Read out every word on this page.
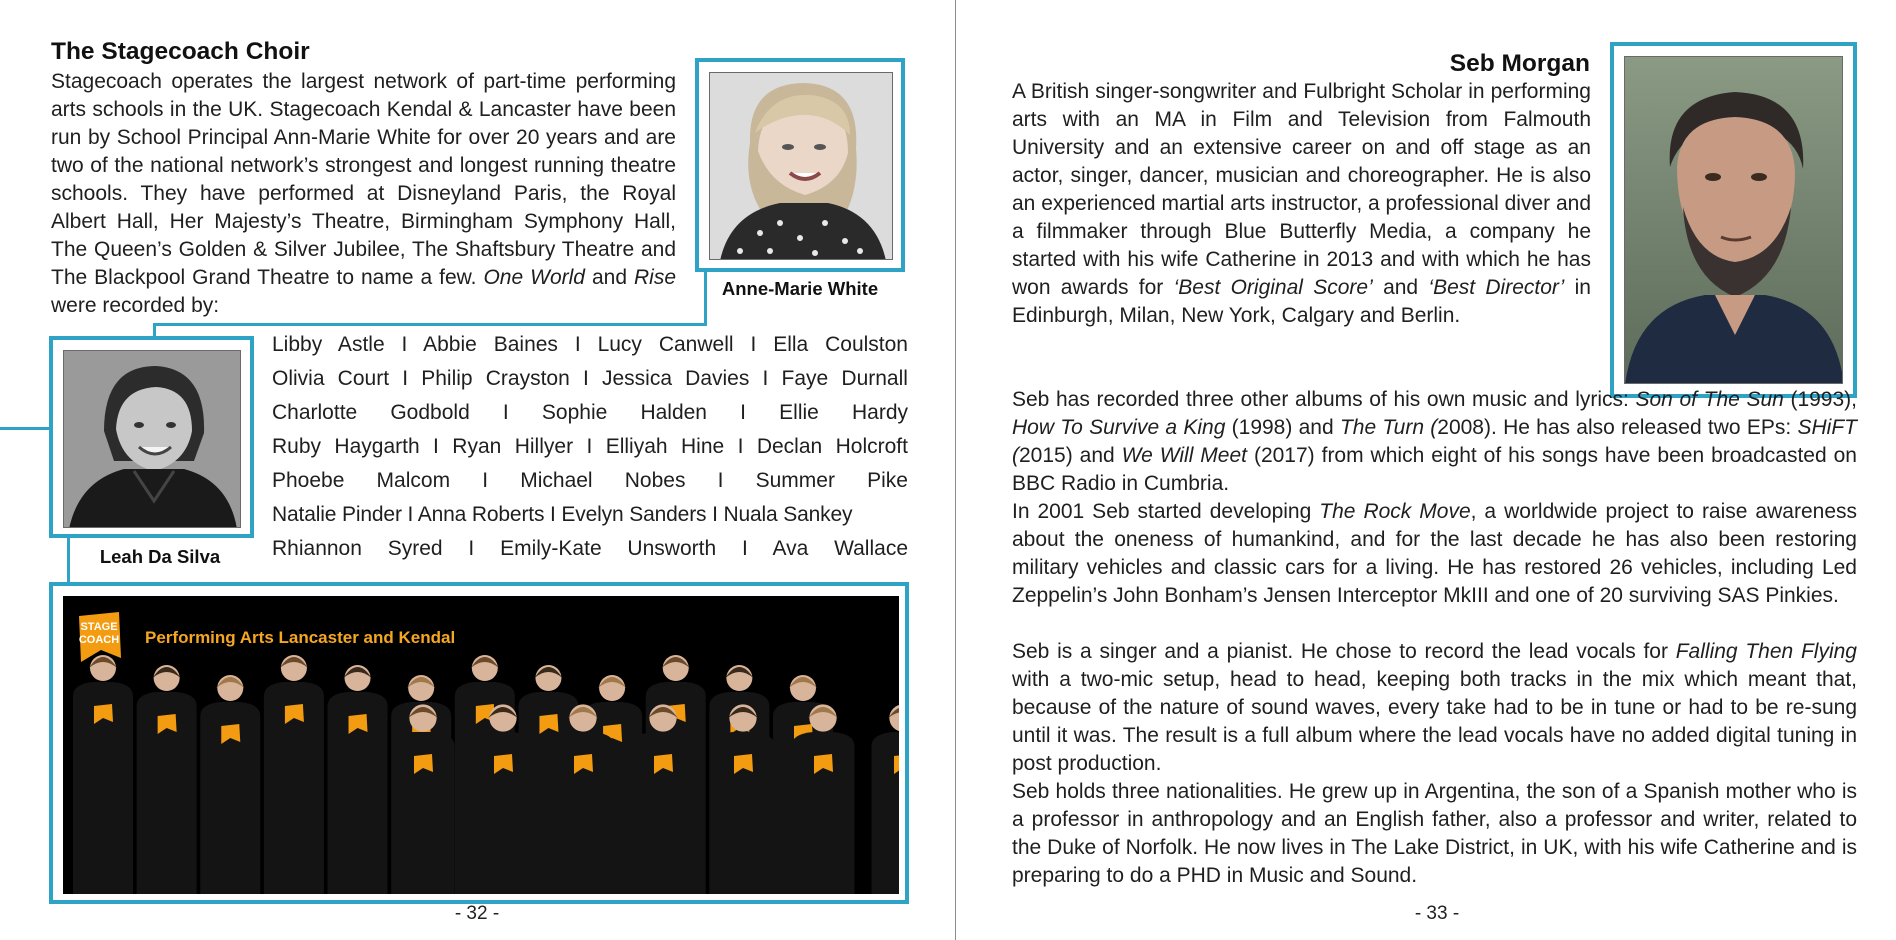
The Stagecoach Choir

Stagecoach operates the largest network of part-time performing arts schools in the UK. Stagecoach Kendal & Lancaster have been run by School Principal Ann-Marie White for over 20 years and are two of the national network’s strongest and longest running theatre schools. They have performed at Disneyland Paris, the Royal Albert Hall, Her Majesty’s Theatre, Birmingham Symphony Hall, The Queen’s Golden & Silver Jubilee, The Shaftsbury Theatre and The Blackpool Grand Theatre to name a few. One World and Rise were recorded by:

Anne-Marie White
Leah Da Silva
Libby Astle I Abbie Baines I Lucy Canwell I Ella Coulston
Olivia Court I Philip Crayston I Jessica Davies I Faye Durnall
Charlotte Godbold I Sophie Halden I Ellie Hardy
Ruby Haygarth I Ryan Hillyer I Elliyah Hine I Declan Holcroft
Phoebe Malcom I Michael Nobes I Summer Pike
Natalie Pinder I Anna Roberts I Evelyn Sanders I Nuala Sankey
Rhiannon Syred I Emily-Kate Unsworth I Ava Wallace
STAGE
COACH Performing Arts Lancaster and Kendal
- 32 -
Seb Morgan

A British singer-songwriter and Fulbright Scholar in performing arts with an MA in Film and Television from Falmouth University and an extensive career on and off stage as an actor, singer, dancer, musician and choreographer. He is also an experienced martial arts instructor, a professional diver and a filmmaker through Blue Butterfly Media, a company he started with his wife Catherine in 2013 and with which he has won awards for ‘Best Original Score’ and ‘Best Director’ in Edinburgh, Milan, New York, Calgary and Berlin.

Seb has recorded three other albums of his own music and lyrics: Son of The Sun (1993), How To Survive a King (1998) and The Turn (2008). He has also released two EPs: SHiFT (2015) and We Will Meet (2017) from which eight of his songs have been broadcasted on BBC Radio in Cumbria.

In 2001 Seb started developing The Rock Move, a worldwide project to raise awareness about the oneness of humankind, and for the last decade he has also been restoring military vehicles and classic cars for a living. He has restored 26 vehicles, including Led Zeppelin’s John Bonham’s Jensen Interceptor MkIII and one of 20 surviving SAS Pinkies.

Seb is a singer and a pianist. He chose to record the lead vocals for Falling Then Flying with a two-mic setup, head to head, keeping both tracks in the mix which meant that, because of the nature of sound waves, every take had to be in tune or had to be re-sung until it was. The result is a full album where the lead vocals have no added digital tuning in post production.

Seb holds three nationalities. He grew up in Argentina, the son of a Spanish mother who is a professor in anthropology and an English father, also a professor and writer, related to the Duke of Norfolk. He now lives in The Lake District, in UK, with his wife Catherine and is preparing to do a PHD in Music and Sound.

- 33 -
